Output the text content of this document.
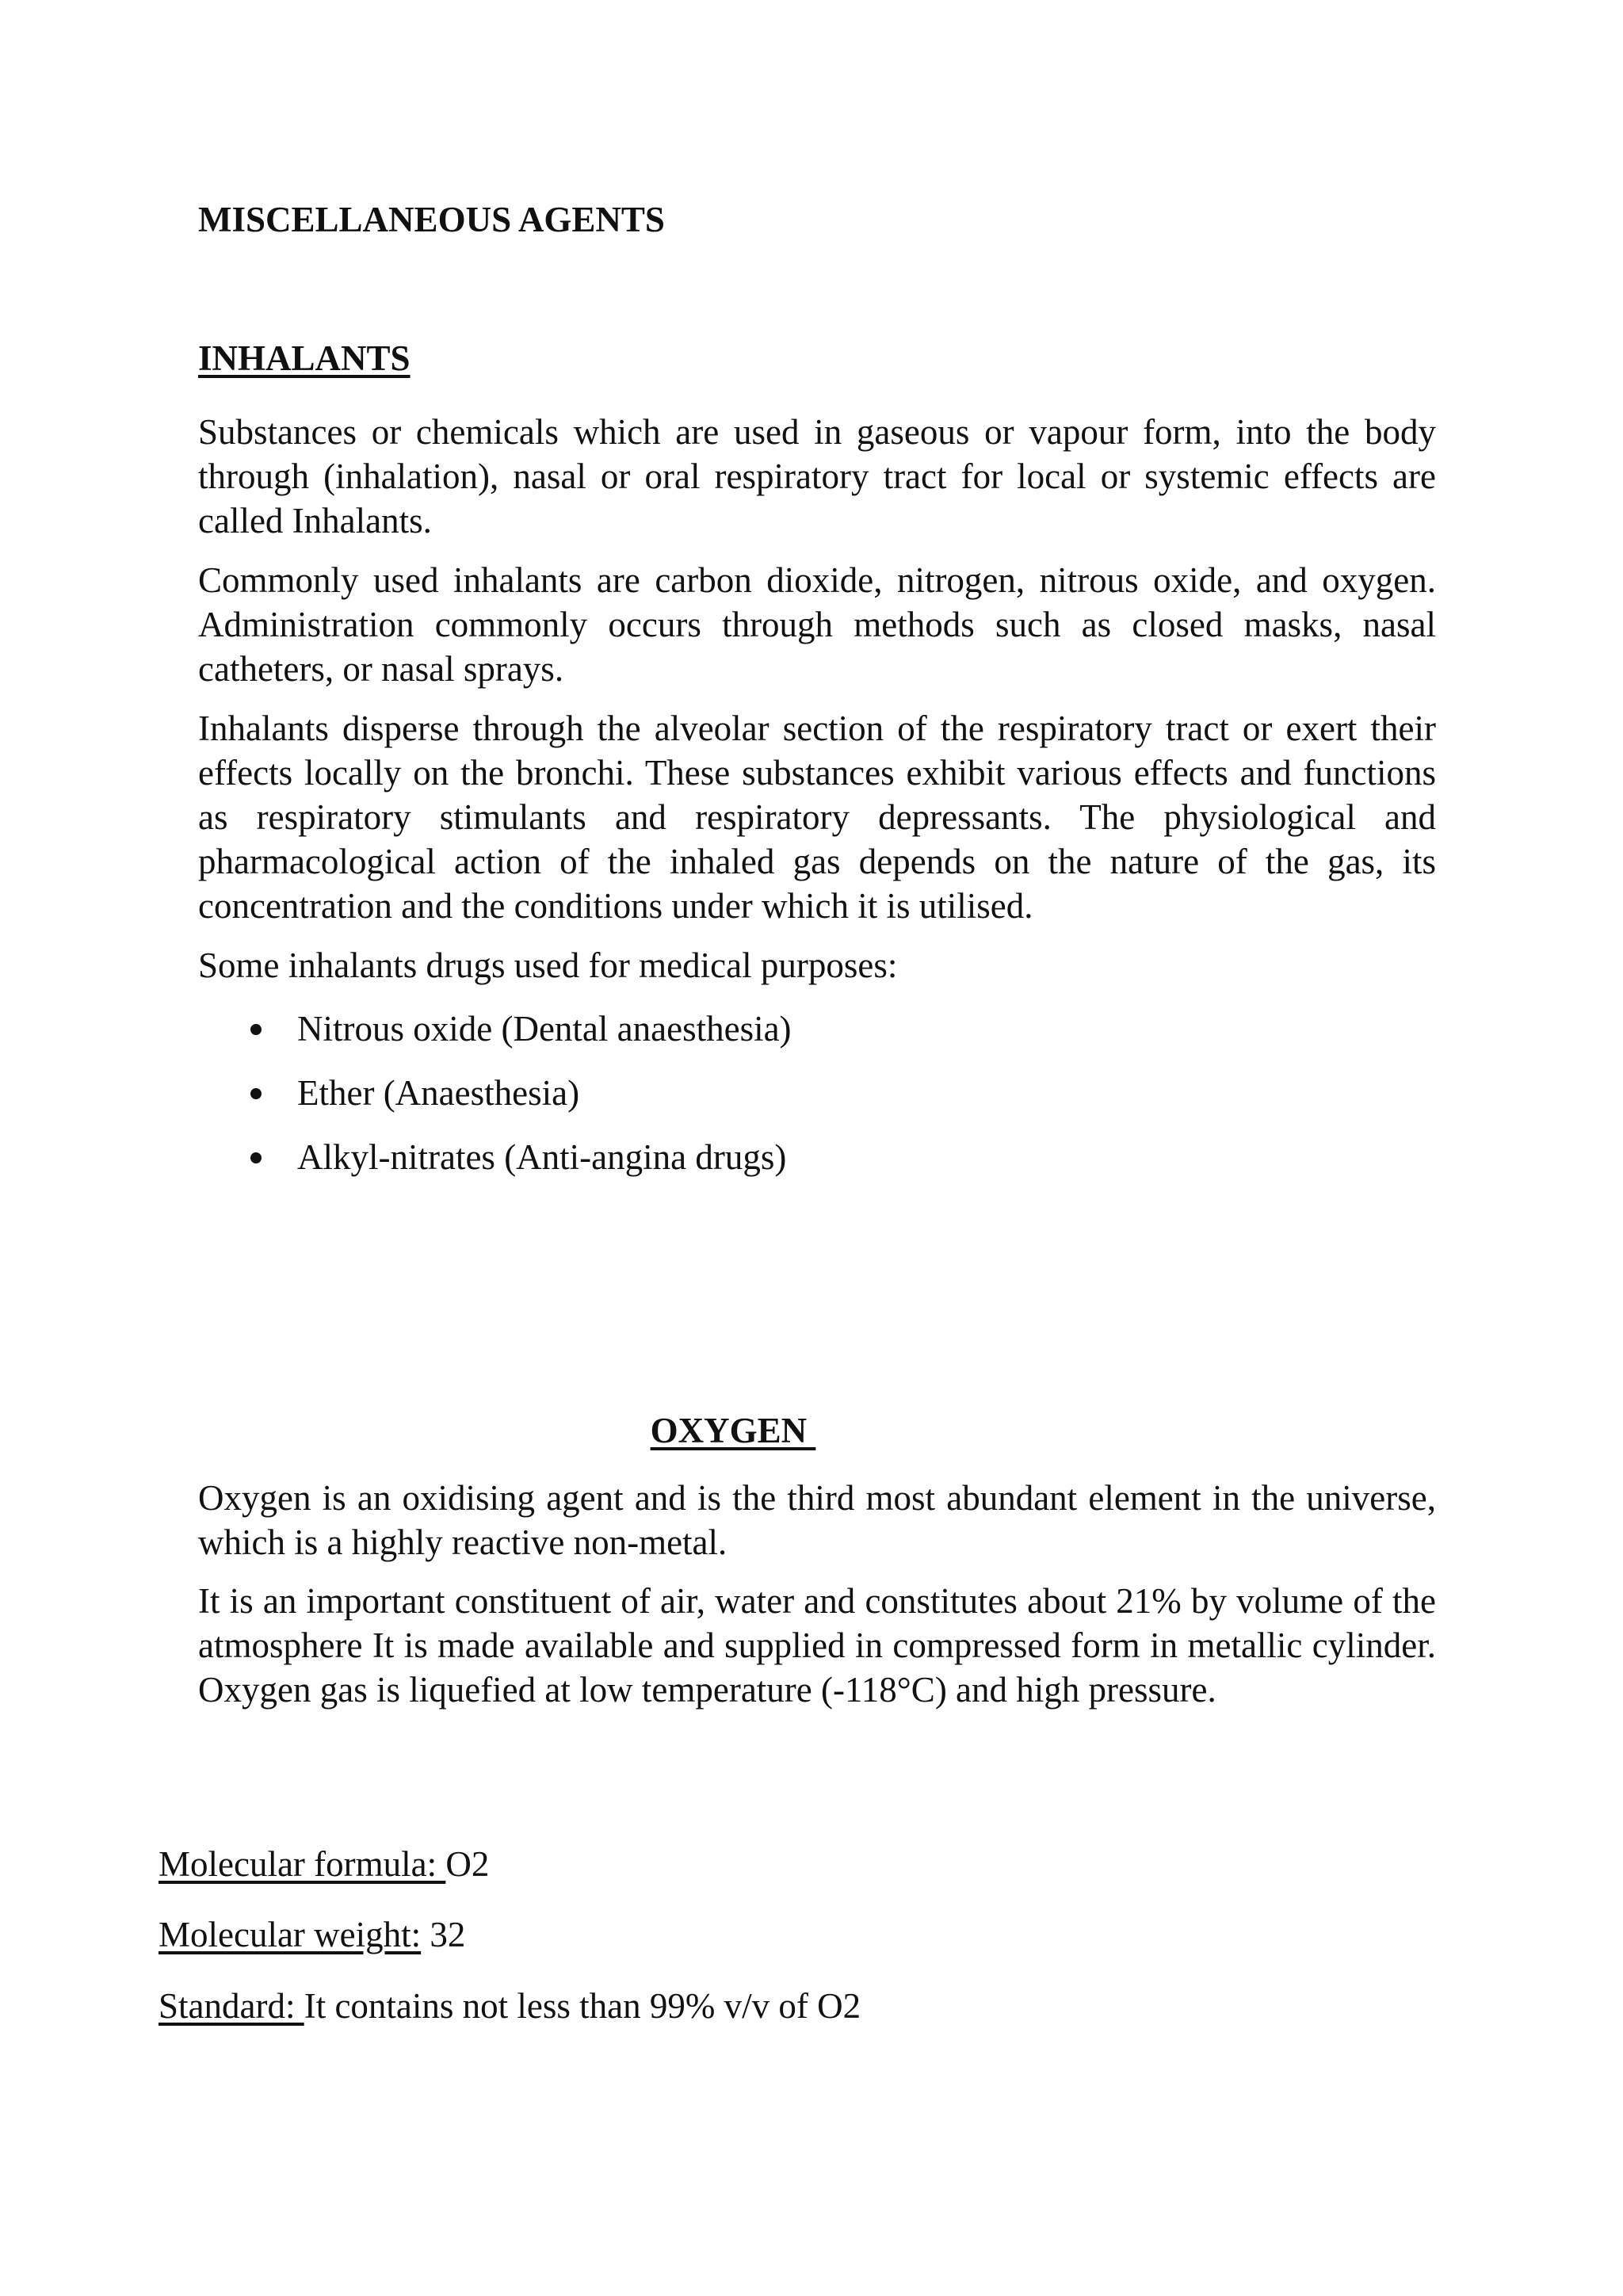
MISCELLANEOUS AGENTS
INHALANTS

Substances or chemicals which are used in gaseous or vapour form, into the body through (inhalation), nasal or oral respiratory tract for local or systemic effects are called Inhalants.

Commonly used inhalants are carbon dioxide, nitrogen, nitrous oxide, and oxygen. Administration commonly occurs through methods such as closed masks, nasal catheters, or nasal sprays.

Inhalants disperse through the alveolar section of the respiratory tract or exert their effects locally on the bronchi. These substances exhibit various effects and functions as respiratory stimulants and respiratory depressants. The physiological and pharmacological action of the inhaled gas depends on the nature of the gas, its concentration and the conditions under which it is utilised.

Some inhalants drugs used for medical purposes:

Nitrous oxide (Dental anaesthesia)
Ether (Anaesthesia)
Alkyl-nitrates (Anti-angina drugs)
OXYGEN

Oxygen is an oxidising agent and is the third most abundant element in the universe, which is a highly reactive non-metal.

It is an important constituent of air, water and constitutes about 21% by volume of the atmosphere It is made available and supplied in compressed form in metallic cylinder. Oxygen gas is liquefied at low temperature (-118°C) and high pressure.

Molecular formula: O2

Molecular weight: 32

Standard: It contains not less than 99% v/v of O2
